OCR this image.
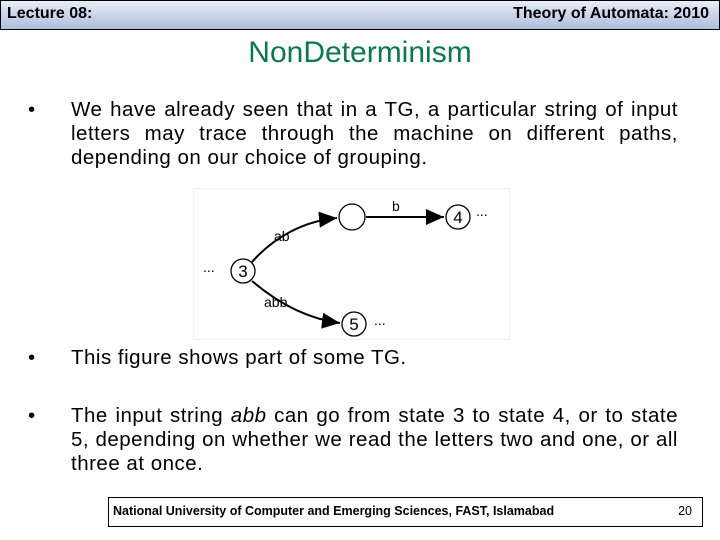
Lecture 08:	Theory of Automata: 2010
NonDeterminism
• We have already seen that in a TG, a particular string of input letters may trace through the machine on different paths, depending on our choice of grouping.
3
4
5
ab
b
abb
...
...
...
• This figure shows part of some TG.
• The input string abb can go from state 3 to state 4, or to state 5, depending on whether we read the letters two and one, or all three at once.
National University of Computer and Emerging Sciences, FAST, Islamabad	20
